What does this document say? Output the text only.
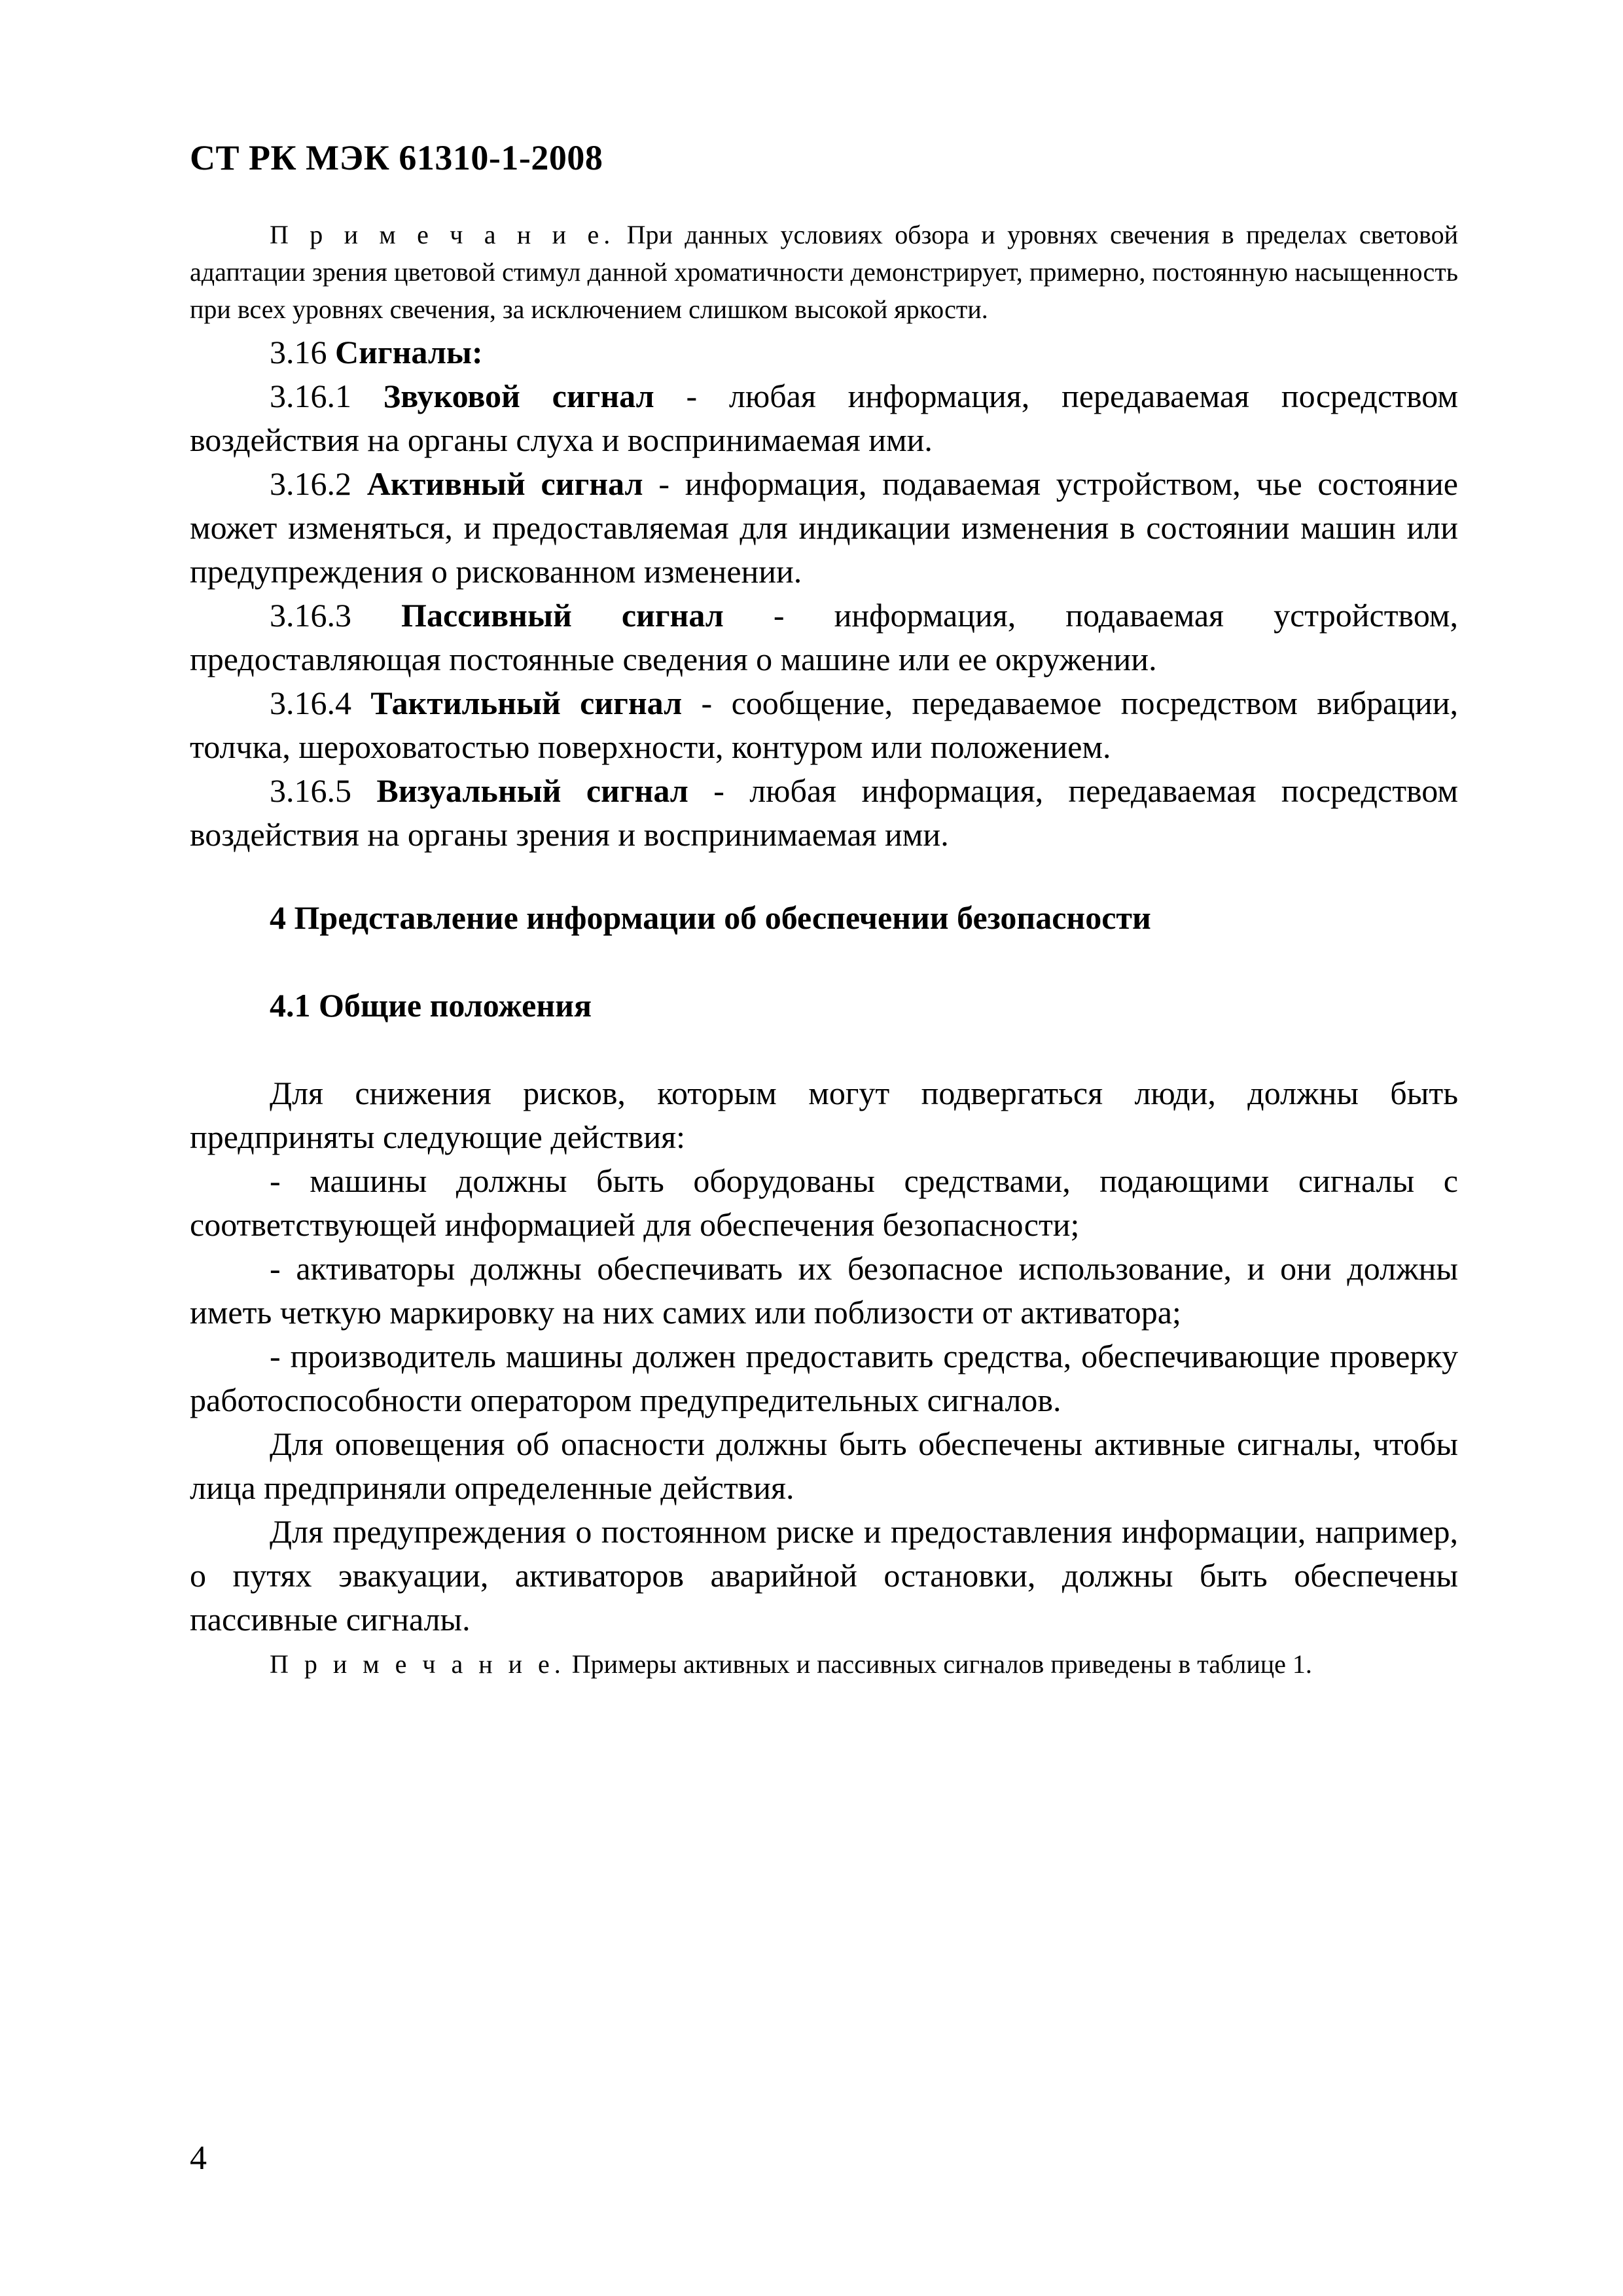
СТ РК МЭК 61310-1-2008

П р и м е ч а н и е. При данных условиях обзора и уровнях свечения в пределах световой адаптации зрения цветовой стимул данной хроматичности демонстрирует, примерно, постоянную насыщенность при всех уровнях свечения, за исключением слишком высокой яркости.

3.16 Сигналы:

3.16.1 Звуковой сигнал - любая информация, передаваемая посредством воздействия на органы слуха и воспринимаемая ими.

3.16.2 Активный сигнал - информация, подаваемая устройством, чье состояние может изменяться, и предоставляемая для индикации изменения в состоянии машин или предупреждения о рискованном изменении.

3.16.3 Пассивный сигнал - информация, подаваемая устройством, предоставляющая постоянные сведения о машине или ее окружении.

3.16.4 Тактильный сигнал - сообщение, передаваемое посредством вибрации, толчка, шероховатостью поверхности, контуром или положением.

3.16.5 Визуальный сигнал - любая информация, передаваемая посредством воздействия на органы зрения и воспринимаемая ими.

4 Представление информации об обеспечении безопасности

4.1 Общие положения

Для снижения рисков, которым могут подвергаться люди, должны быть предприняты следующие действия:

- машины должны быть оборудованы средствами, подающими сигналы с соответствующей информацией для обеспечения безопасности;

- активаторы должны обеспечивать их безопасное использование, и они должны иметь четкую маркировку на них самих или поблизости от активатора;

- производитель машины должен предоставить средства, обеспечивающие проверку работоспособности оператором предупредительных сигналов.

Для оповещения об опасности должны быть обеспечены активные сигналы, чтобы лица предприняли определенные действия.

Для предупреждения о постоянном риске и предоставления информации, например, о путях эвакуации, активаторов аварийной остановки, должны быть обеспечены пассивные сигналы.

П р и м е ч а н и е. Примеры активных и пассивных сигналов приведены в таблице 1.

4
